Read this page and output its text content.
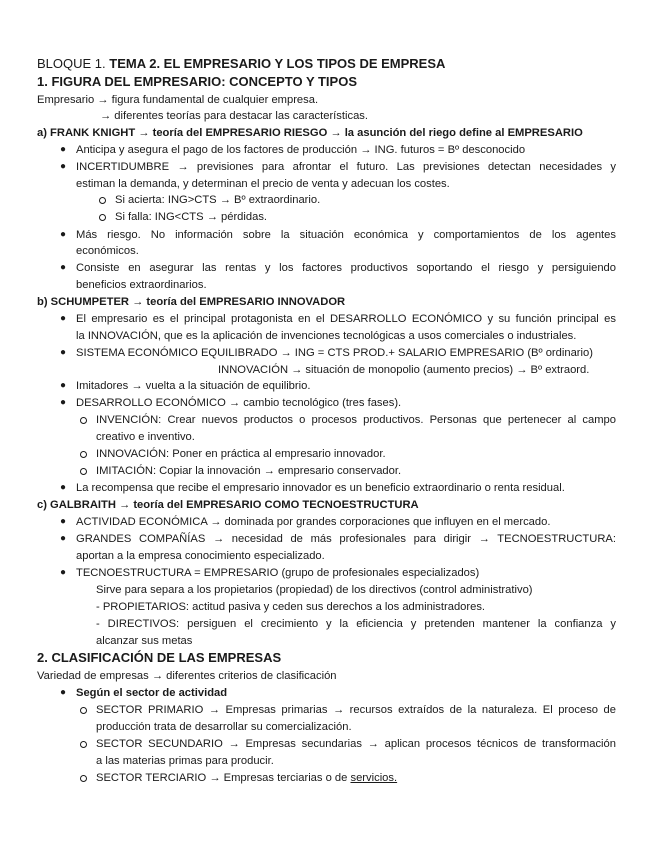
BLOQUE 1. TEMA 2. EL EMPRESARIO Y LOS TIPOS DE EMPRESA
1. FIGURA DEL EMPRESARIO: CONCEPTO Y TIPOS
Empresario → figura fundamental de cualquier empresa.
→ diferentes teorías para destacar las características.
a) FRANK KNIGHT → teoría del EMPRESARIO RIESGO → la asunción del riego define al EMPRESARIO
● Anticipa y asegura el pago de los factores de producción → ING. futuros = Bº desconocido
● INCERTIDUMBRE → previsiones para afrontar el futuro. Las previsiones detectan necesidades y
estiman la demanda, y determinan el precio de venta y adecuan los costes.
Si acierta: ING>CTS → Bº extraordinario.
Si falla: ING<CTS → pérdidas.
● Más riesgo. No información sobre la situación económica y comportamientos de los agentes
económicos.
● Consiste en asegurar las rentas y los factores productivos soportando el riesgo y persiguiendo
beneficios extraordinarios.
b) SCHUMPETER → teoría del EMPRESARIO INNOVADOR
● El empresario es el principal protagonista en el DESARROLLO ECONÓMICO y su función principal es
la INNOVACIÓN, que es la aplicación de invenciones tecnológicas a usos comerciales o industriales.
● SISTEMA ECONÓMICO EQUILIBRADO → ING = CTS PROD.+ SALARIO EMPRESARIO (Bº ordinario)
INNOVACIÓN → situación de monopolio (aumento precios) → Bº extraord.
● Imitadores → vuelta a la situación de equilibrio.
● DESARROLLO ECONÓMICO → cambio tecnológico (tres fases).
INVENCIÓN: Crear nuevos productos o procesos productivos. Personas que pertenecer al campo
creativo e inventivo.
INNOVACIÓN: Poner en práctica al empresario innovador.
IMITACIÓN: Copiar la innovación → empresario conservador.
● La recompensa que recibe el empresario innovador es un beneficio extraordinario o renta residual.
c) GALBRAITH → teoría del EMPRESARIO COMO TECNOESTRUCTURA
● ACTIVIDAD ECONÓMICA → dominada por grandes corporaciones que influyen en el mercado.
● GRANDES COMPAÑÍAS → necesidad de más profesionales para dirigir → TECNOESTRUCTURA:
aportan a la empresa conocimiento especializado.
● TECNOESTRUCTURA = EMPRESARIO (grupo de profesionales especializados)
Sirve para separa a los propietarios (propiedad) de los directivos (control administrativo)
- PROPIETARIOS: actitud pasiva y ceden sus derechos a los administradores.
- DIRECTIVOS: persiguen el crecimiento y la eficiencia y pretenden mantener la confianza y
alcanzar sus metas
2. CLASIFICACIÓN DE LAS EMPRESAS
Variedad de empresas → diferentes criterios de clasificación
● Según el sector de actividad
SECTOR PRIMARIO → Empresas primarias → recursos extraídos de la naturaleza. El proceso de
producción trata de desarrollar su comercialización.
SECTOR SECUNDARIO → Empresas secundarias → aplican procesos técnicos de transformación
a las materias primas para producir.
SECTOR TERCIARIO → Empresas terciarias o de servicios.
